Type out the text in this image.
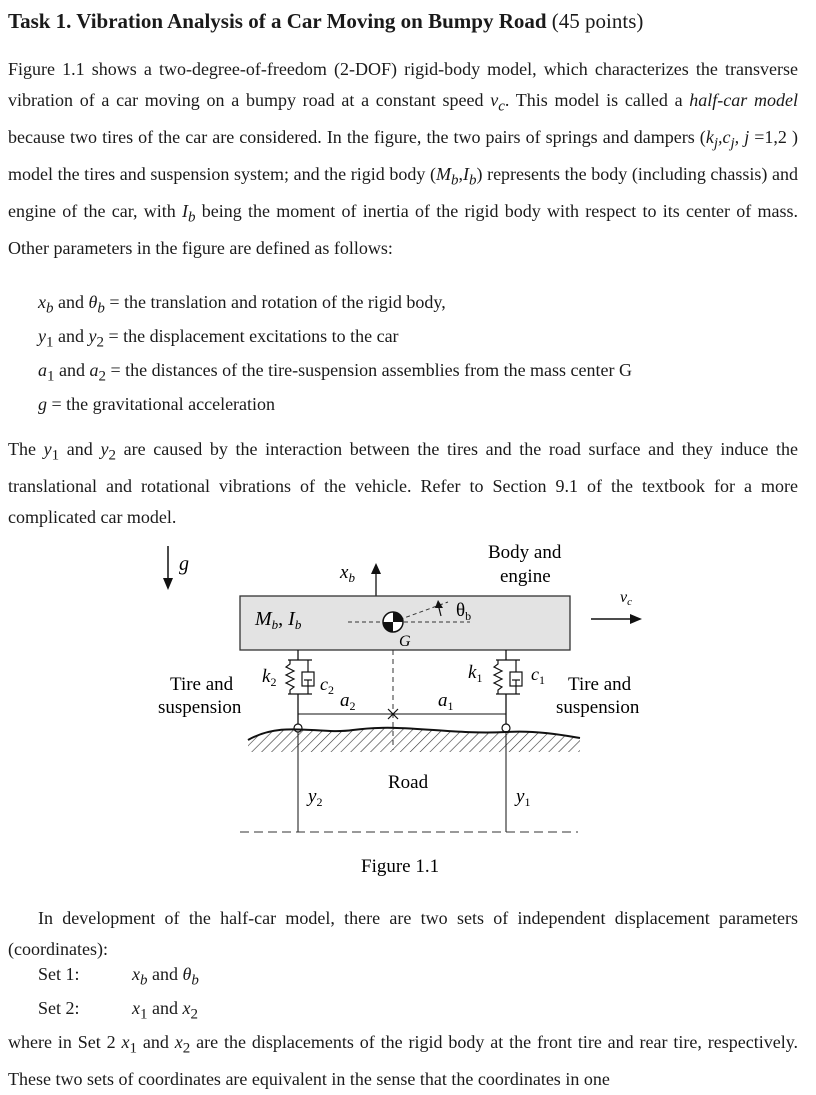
Task 1. Vibration Analysis of a Car Moving on Bumpy Road (45 points)

Figure 1.1 shows a two-degree-of-freedom (2-DOF) rigid-body model, which characterizes the transverse vibration of a car moving on a bumpy road at a constant speed $v_c$. This model is called a half-car model because two tires of the car are considered. In the figure, the two pairs of springs and dampers ($k_j,c_j$, j =1,2 ) model the tires and suspension system; and the rigid body $(M_b,I_b)$ represents the body (including chassis) and engine of the car, with $I_b$ being the moment of inertia of the rigid body with respect to its center of mass. Other parameters in the figure are defined as follows:

$x_b$ and $\theta_b$ = the translation and rotation of the rigid body,
$y_1$ and $y_2$ = the displacement excitations to the car
$a_1$ and $a_2$ = the distances of the tire-suspension assemblies from the mass center G
g = the gravitational acceleration

The $y_1$ and $y_2$ are caused by the interaction between the tires and the road surface and they induce the translational and rotational vibrations of the vehicle. Refer to Section 9.1 of the textbook for a more complicated car model.

g	$x_b$
Body and
engine
vc
$M_b$, $I_b$
$\theta_b$
G
Tire and
suspension
Tire and
suspension
$k_2$ $c_2$
$k_1$	$c_1$
$a_2$	$a_1$
Road
$y_2$	$y_1$
Figure 1.1

In development of the half-car model, there are two sets of independent displacement parameters (coordinates):

Set 1:	$x_b$ and $\theta_b$
Set 2:	$x_1$ and $x_2$

where in Set 2 $x_1$ and $x_2$ are the displacements of the rigid body at the front tire and rear tire, respectively. These two sets of coordinates are equivalent in the sense that the coordinates in one
